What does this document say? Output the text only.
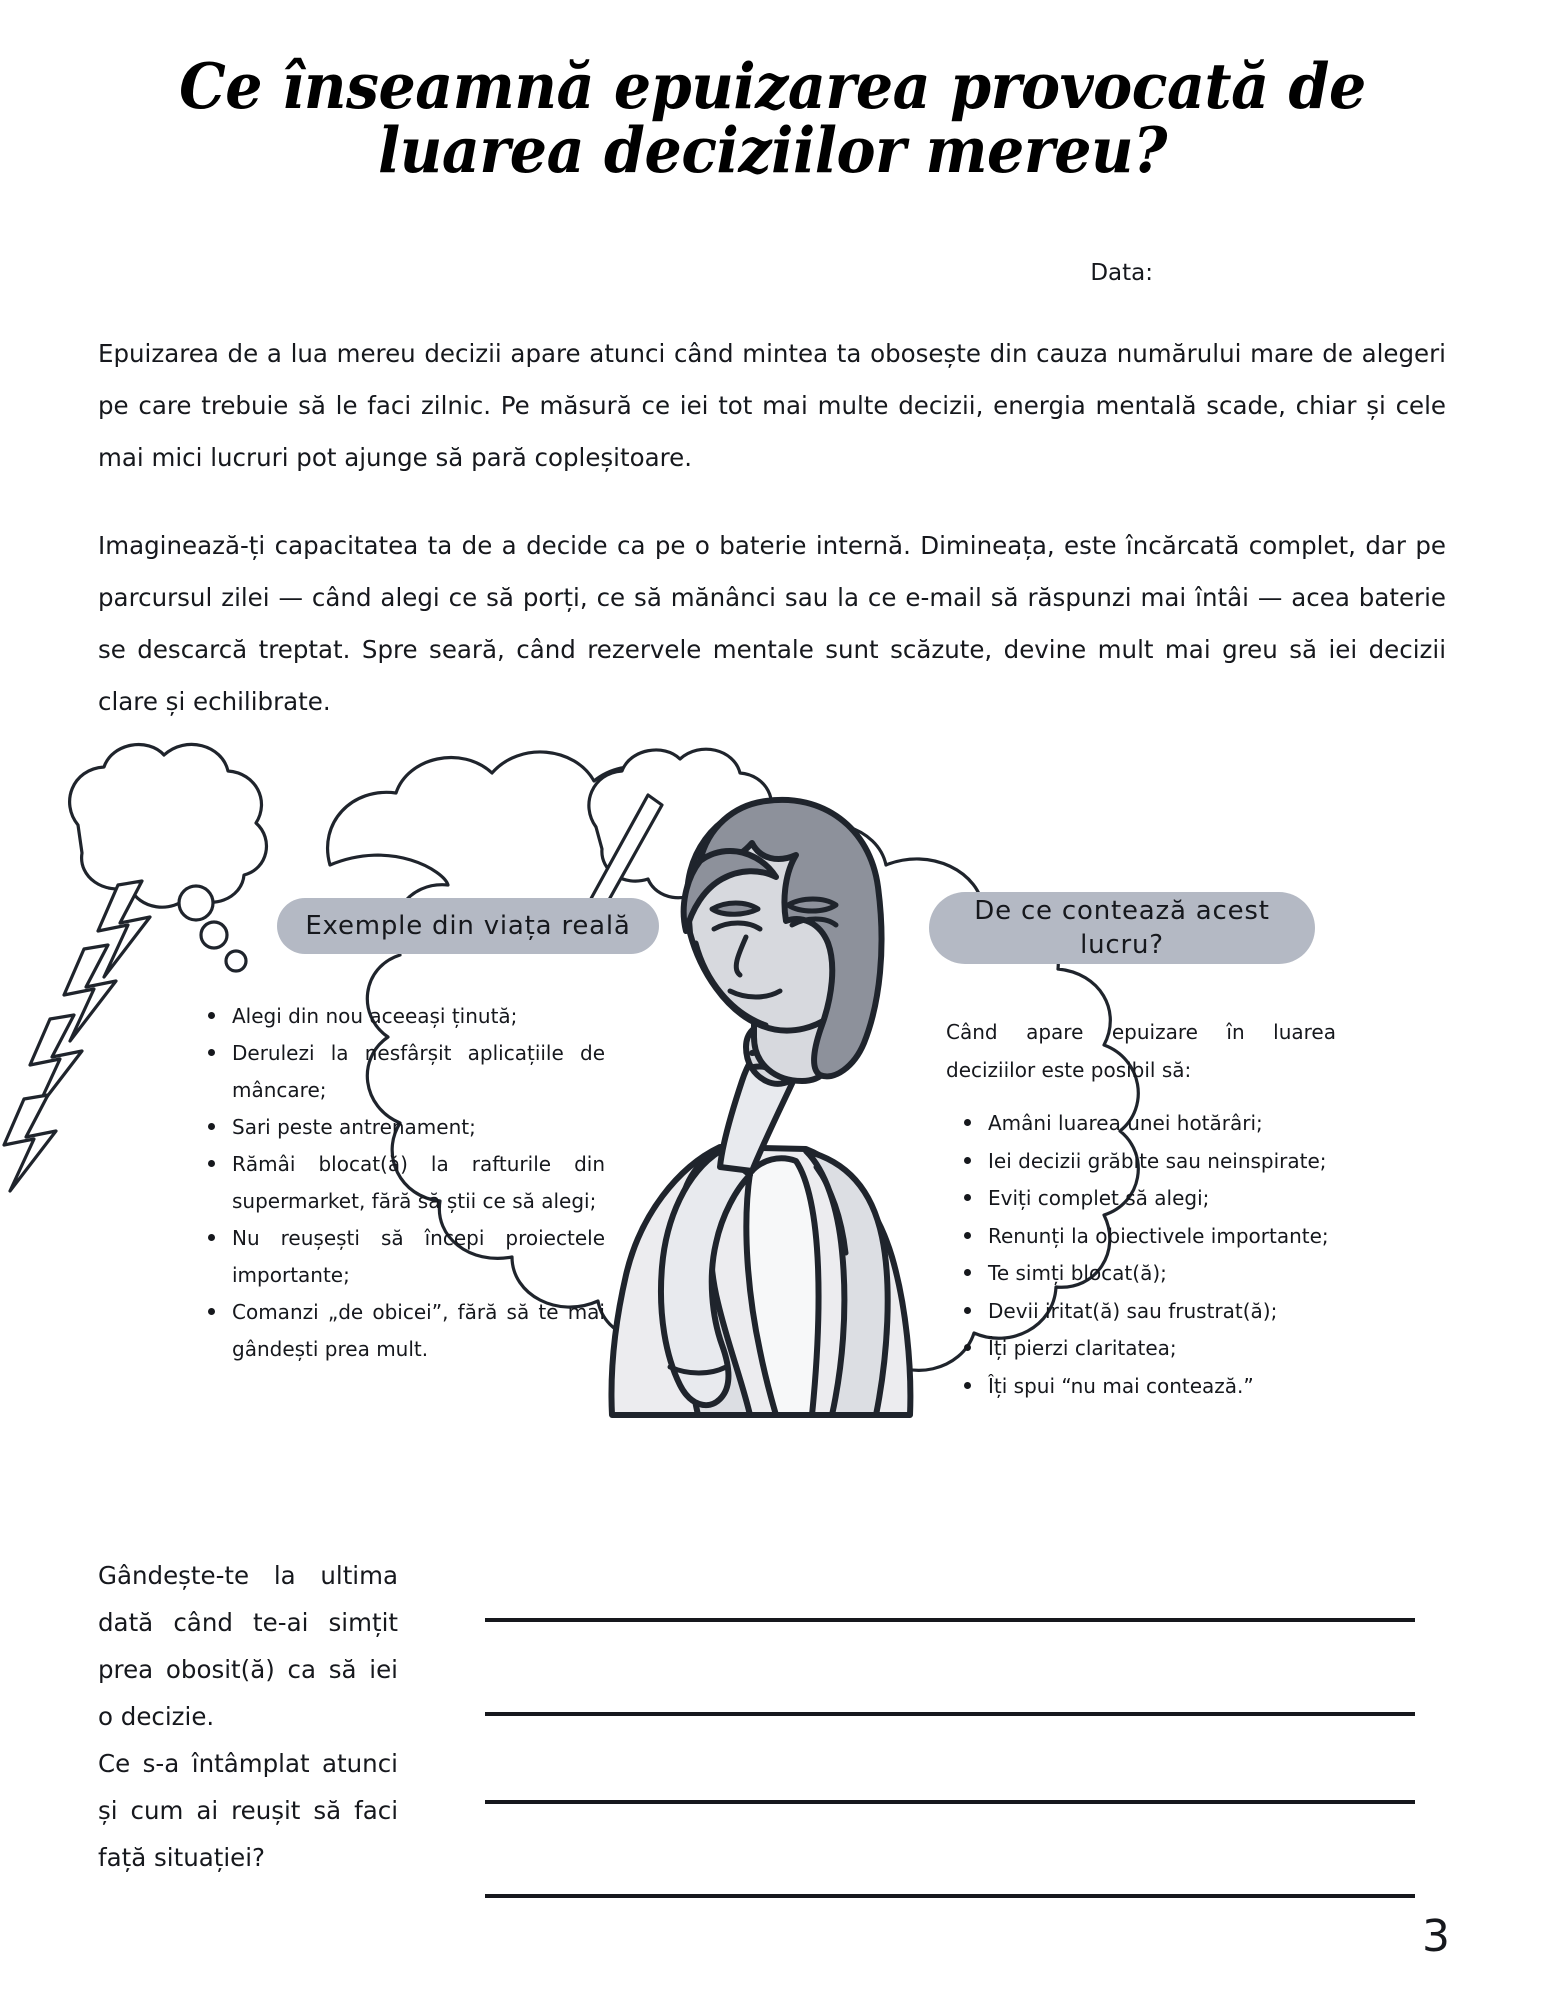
Ce înseamnă epuizarea provocată de
luarea deciziilor mereu?
Data:

Epuizarea de a lua mereu decizii apare atunci când mintea ta obosește din cauza numărului mare de alegeri pe care trebuie să le faci zilnic. Pe măsură ce iei tot mai multe decizii, energia mentală scade, chiar și cele mai mici lucruri pot ajunge să pară copleșitoare.

Imaginează-ți capacitatea ta de a decide ca pe o baterie internă. Dimineața, este încărcată complet, dar pe parcursul zilei — când alegi ce să porți, ce să mănânci sau la ce e-mail să răspunzi mai întâi — acea baterie se descarcă treptat. Spre seară, când rezervele mentale sunt scăzute, devine mult mai greu să iei decizii clare și echilibrate.

Exemple din viața reală	De ce contează acest lucru?
Alegi din nou aceeași ținută;
Derulezi la nesfârșit aplicațiile de mâncare;
Sari peste antrenament;
Rămâi blocat(ă) la rafturile din supermarket, fără să știi ce să alegi;
Nu reușești să începi proiectele importante;
Comanzi „de obicei”, fără să te mai gândești prea mult.
Când apare epuizare în luarea deciziilor este posibil să:
Amâni luarea unei hotărâri;
Iei decizii grăbite sau neinspirate;
Eviți complet să alegi;
Renunți la obiectivele importante;
Te simți blocat(ă);
Devii iritat(ă) sau frustrat(ă);
Îți pierzi claritatea;
Îți spui “nu mai contează.”
Gândește-te la ultima dată când te-ai simțit prea obosit(ă) ca să iei o decizie.
Ce s-a întâmplat atunci și cum ai reușit să faci față situației?
3
